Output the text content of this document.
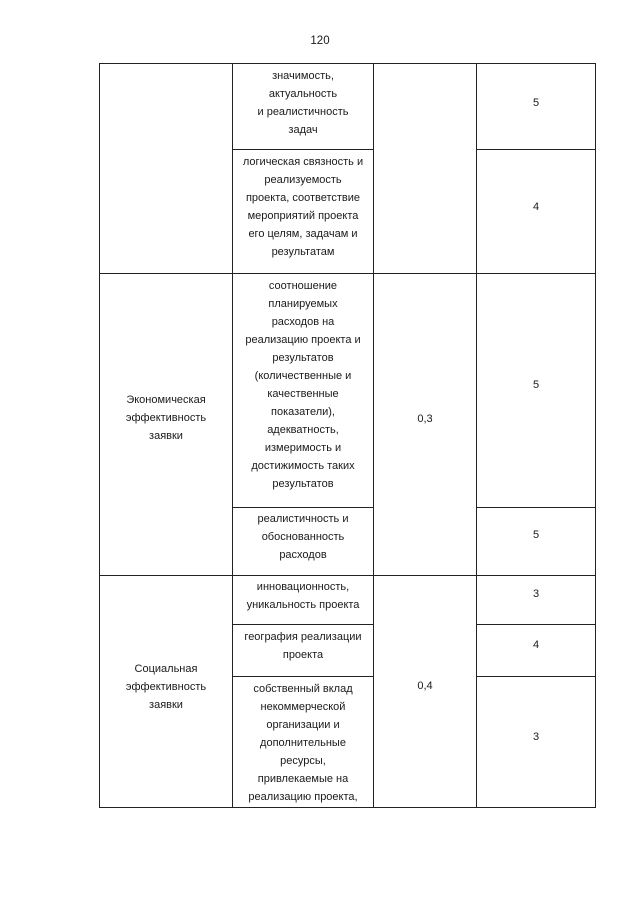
120
значимость,
актуальность
и реалистичность
задач
5
логическая связность и
реализуемость
проекта, соответствие
мероприятий проекта
его целям, задачам и
результатам
4
Экономическая
эффективность
заявки
0,3
соотношение
планируемых
расходов на
реализацию проекта и
результатов
(количественные и
качественные
показатели),
адекватность,
измеримость и
достижимость таких
результатов
5
реалистичность и
обоснованность
расходов
5
Социальная
эффективность
заявки
0,4
инновационность,
уникальность проекта
3
география реализации
проекта
4
собственный вклад
некоммерческой
организации и
дополнительные
ресурсы,
привлекаемые на
реализацию проекта,
3
